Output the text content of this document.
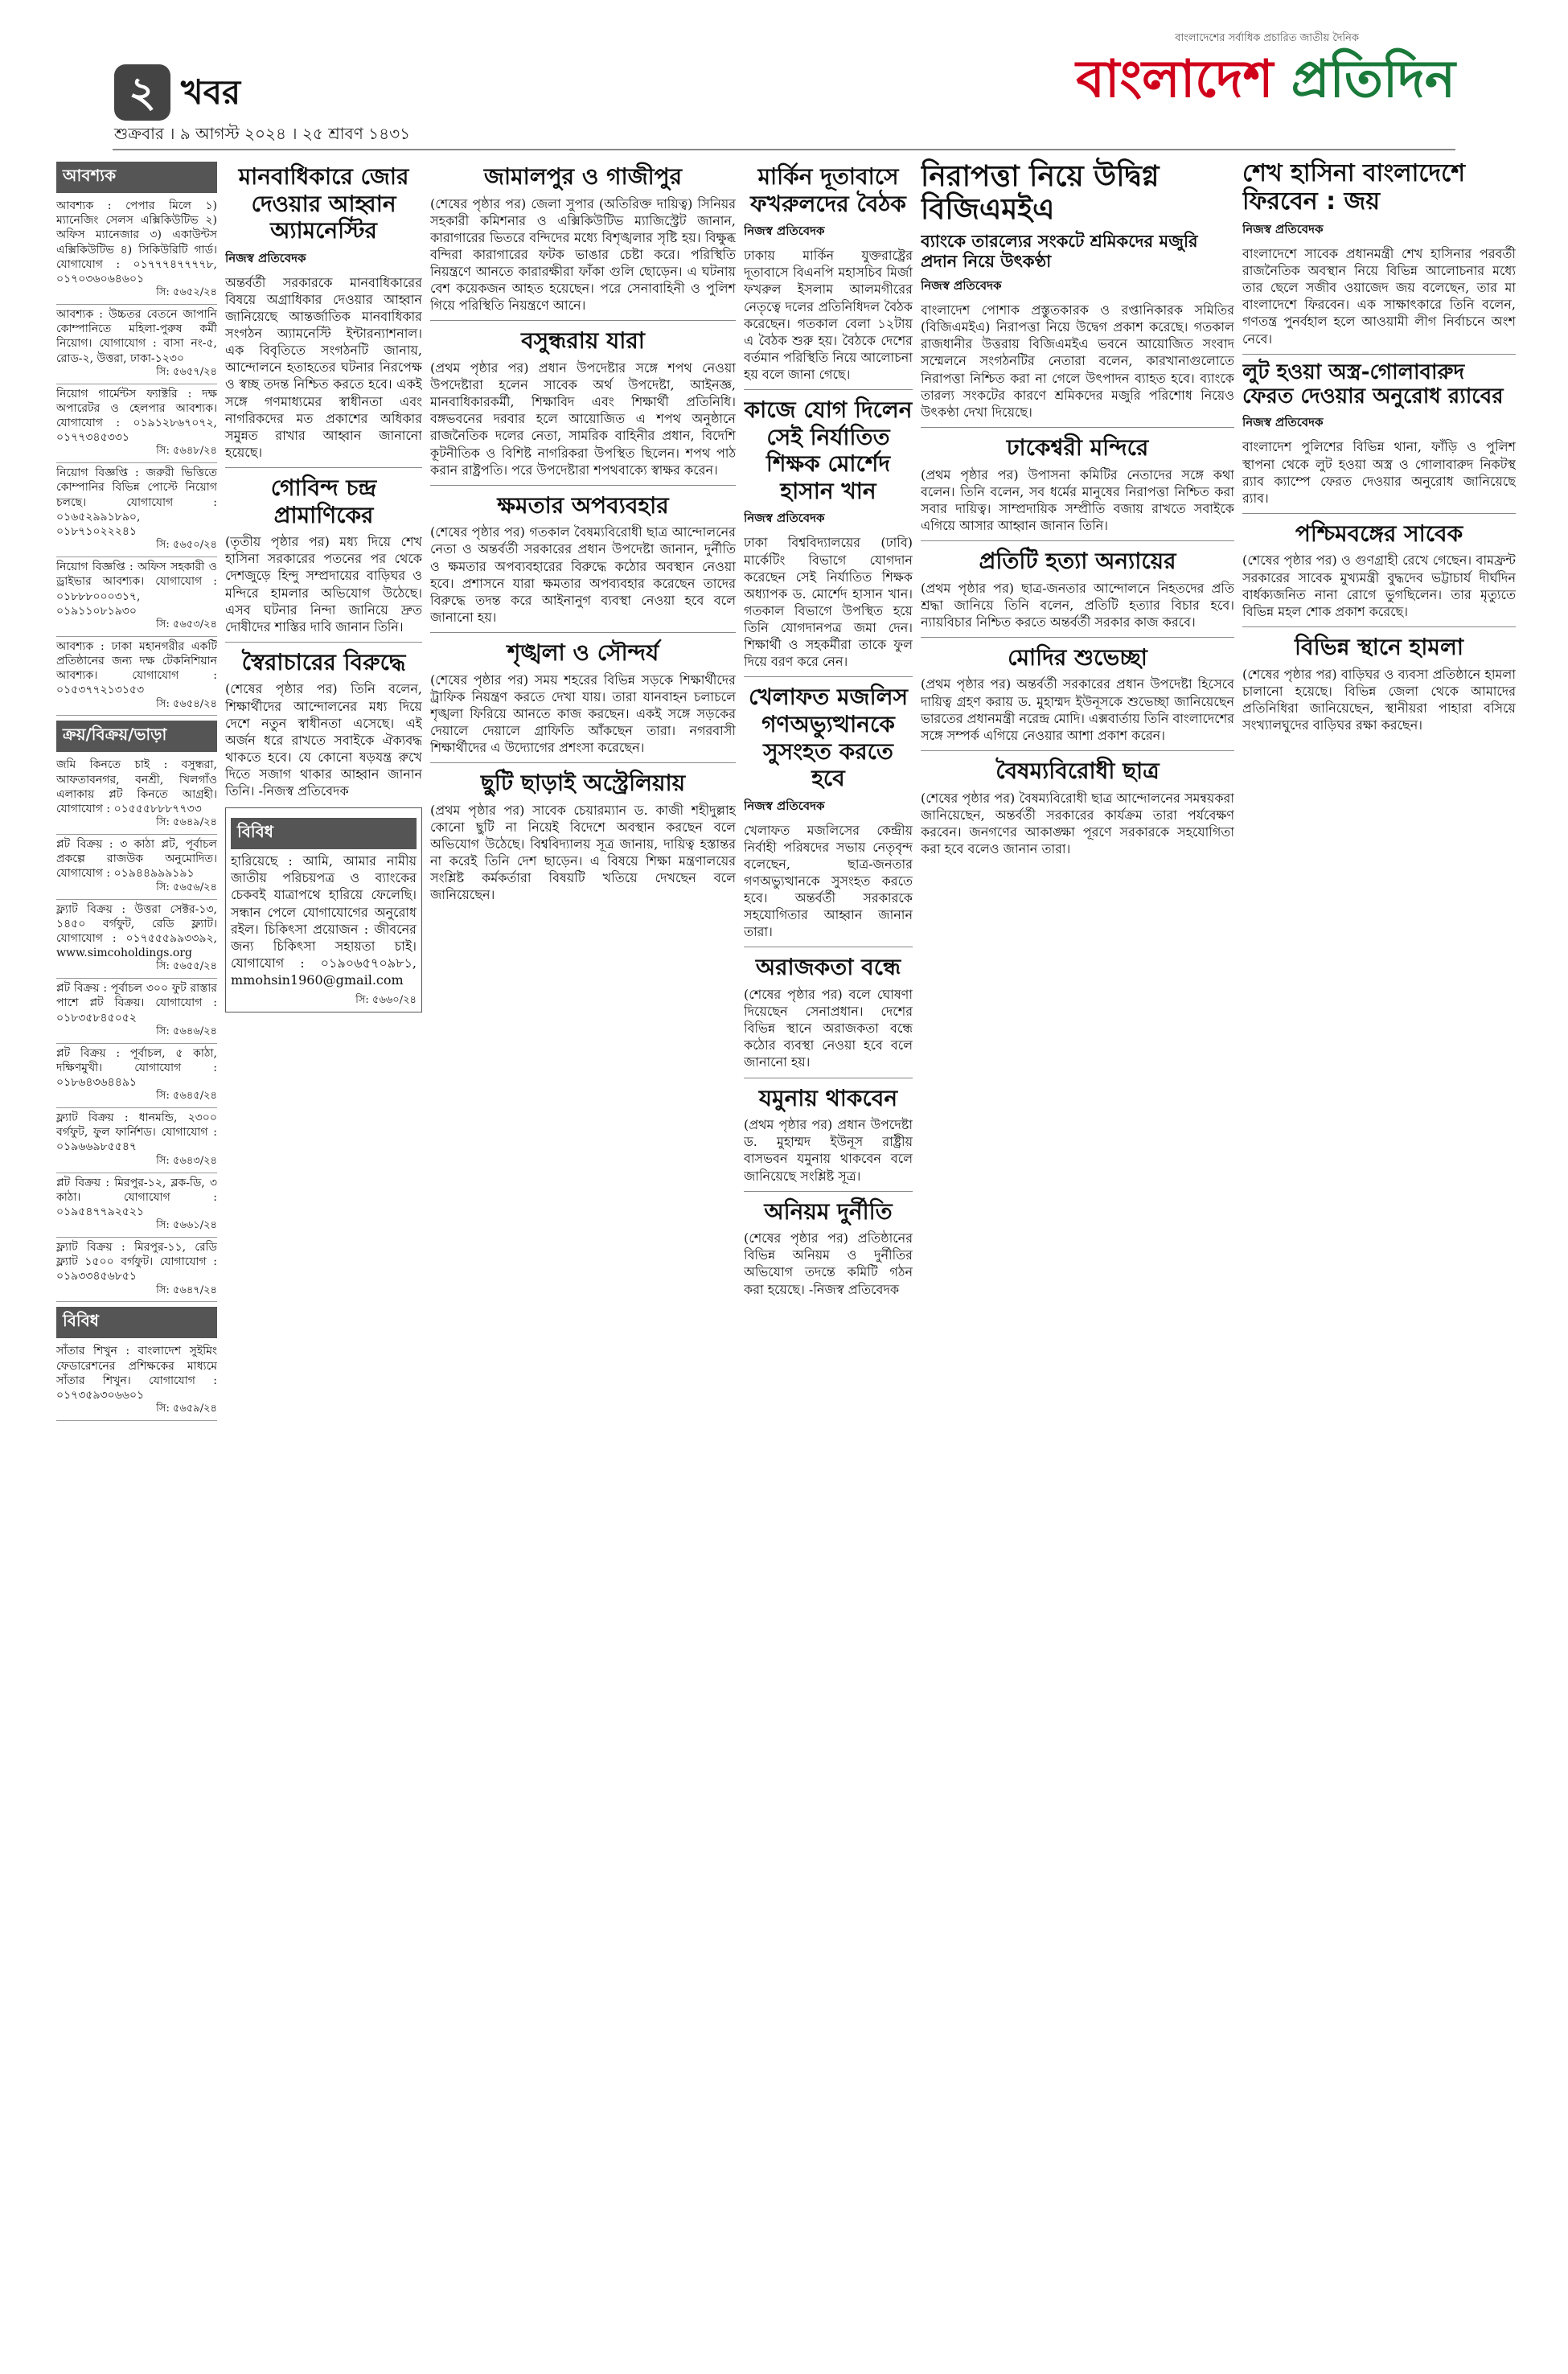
২ খবর
শুক্রবার । ৯ আগস্ট ২০২৪ । ২৫ শ্রাবণ ১৪৩১
বাংলাদেশের সর্বাধিক প্রচারিত জাতীয় দৈনিক
বাংলাদেশ প্রতিদিন
আবশ্যক
আবশ্যক : পেপার মিলে ১) ম্যানেজিং সেলস এক্সিকিউটিভ ২) অফিস ম্যানেজার ৩) একাউন্টস এক্সিকিউটিভ ৪) সিকিউরিটি গার্ড। যোগাযোগ : ০১৭৭৭৪৭৭৭৭৮, ০১৭০৩৬০৬৪৬০১
সি: ৫৬৫২/২৪
আবশ্যক : উচ্চতর বেতনে জাপানি কোম্পানিতে মহিলা-পুরুষ কর্মী নিয়োগ। যোগাযোগ : বাসা নং-৫, রোড-২, উত্তরা, ঢাকা-১২৩০
সি: ৫৬৫৭/২৪
নিয়োগ গার্মেন্টস ফ্যাক্টরি : দক্ষ অপারেটর ও হেলপার আবশ্যক। যোগাযোগ : ০১৯১২৮৬৭০৭২, ০১৭৭৩৪৫৩৩১
সি: ৫৬৪৮/২৪
নিয়োগ বিজ্ঞপ্তি : জরুরী ভিত্তিতে কোম্পানির বিভিন্ন পোস্টে নিয়োগ চলছে। যোগাযোগ : ০১৬৫২৯৯১৮৯০, ০১৮৭১০২২২৪১
সি: ৫৬৫০/২৪
নিয়োগ বিজ্ঞপ্তি : অফিস সহকারী ও ড্রাইভার আবশ্যক। যোগাযোগ : ০১৮৮৮০০০৩১৭, ০১৯১১০৮১৯৩০
সি: ৫৬৫৩/২৪
আবশ্যক : ঢাকা মহানগরীর একটি প্রতিষ্ঠানের জন্য দক্ষ টেকনিশিয়ান আবশ্যক। যোগাযোগ : ০১৫৩৭৭২১৩১৫৩
সি: ৫৬৫৪/২৪
ক্রয়/বিক্রয়/ভাড়া
জমি কিনতে চাই : বসুন্ধরা, আফতাবনগর, বনশ্রী, খিলগাঁও এলাকায় প্লট কিনতে আগ্রহী। যোগাযোগ : ০১৫৫৫৮৮৮৭৭৩৩
সি: ৫৬৪৯/২৪
প্লট বিক্রয় : ৩ কাঠা প্লট, পূর্বাচল প্রকল্পে রাজউক অনুমোদিত। যোগাযোগ : ০১৯৪৪৯৯৯১৯১
সি: ৫৬৫৬/২৪
ফ্ল্যাট বিক্রয় : উত্তরা সেক্টর-১৩, ১৪৫০ বর্গফুট, রেডি ফ্ল্যাট। যোগাযোগ : ০১৭৫৫৫৯৯৩৩৯২, www.simcoholdings.org
সি: ৫৬৫৫/২৪
প্লট বিক্রয় : পূর্বাচল ৩০০ ফুট রাস্তার পাশে প্লট বিক্রয়। যোগাযোগ : ০১৮৩৫৮৪৫০৫২
সি: ৫৬৪৬/২৪
প্লট বিক্রয় : পূর্বাচল, ৫ কাঠা, দক্ষিণমুখী। যোগাযোগ : ০১৮৬৪৩৬৪৪৯১
সি: ৫৬৪৫/২৪
ফ্ল্যাট বিক্রয় : ধানমন্ডি, ২৩০০ বর্গফুট, ফুল ফার্নিশড। যোগাযোগ : ০১৯৬৬৯৮৫৫৪৭
সি: ৫৬৪৩/২৪
প্লট বিক্রয় : মিরপুর-১২, ব্লক-ডি, ৩ কাঠা। যোগাযোগ : ০১৯৫৪৭৭৯২৫২১
সি: ৫৬৬১/২৪
ফ্ল্যাট বিক্রয় : মিরপুর-১১, রেডি ফ্ল্যাট ১৫০০ বর্গফুট। যোগাযোগ : ০১৯৩৩৪৫৬৮৫১
সি: ৫৬৪৭/২৪
বিবিধ
সাঁতার শিখুন : বাংলাদেশ সুইমিং ফেডারেশনের প্রশিক্ষকের মাধ্যমে সাঁতার শিখুন। যোগাযোগ : ০১৭৩৫৯৩০৬৬০১
সি: ৫৬৫৯/২৪
মানবাধিকারে জোর দেওয়ার আহ্বান অ্যামনেস্টির
নিজস্ব প্রতিবেদক

অন্তর্বর্তী সরকারকে মানবাধিকারের বিষয়ে অগ্রাধিকার দেওয়ার আহ্বান জানিয়েছে আন্তর্জাতিক মানবাধিকার সংগঠন অ্যামনেস্টি ইন্টারন্যাশনাল। এক বিবৃতিতে সংগঠনটি জানায়, আন্দোলনে হতাহতের ঘটনার নিরপেক্ষ ও স্বচ্ছ তদন্ত নিশ্চিত করতে হবে। একই সঙ্গে গণমাধ্যমের স্বাধীনতা এবং নাগরিকদের মত প্রকাশের অধিকার সমুন্নত রাখার আহ্বান জানানো হয়েছে।

গোবিন্দ চন্দ্র প্রামাণিকের

(তৃতীয় পৃষ্ঠার পর) মধ্য দিয়ে শেখ হাসিনা সরকারের পতনের পর থেকে দেশজুড়ে হিন্দু সম্প্রদায়ের বাড়িঘর ও মন্দিরে হামলার অভিযোগ উঠেছে। এসব ঘটনার নিন্দা জানিয়ে দ্রুত দোষীদের শাস্তির দাবি জানান তিনি।

স্বৈরাচারের বিরুদ্ধে

(শেষের পৃষ্ঠার পর) তিনি বলেন, শিক্ষার্থীদের আন্দোলনের মধ্য দিয়ে দেশে নতুন স্বাধীনতা এসেছে। এই অর্জন ধরে রাখতে সবাইকে ঐক্যবদ্ধ থাকতে হবে। যে কোনো ষড়যন্ত্র রুখে দিতে সজাগ থাকার আহ্বান জানান তিনি। -নিজস্ব প্রতিবেদক

বিবিধ

হারিয়েছে : আমি, আমার নামীয় জাতীয় পরিচয়পত্র ও ব্যাংকের চেকবই যাত্রাপথে হারিয়ে ফেলেছি। সন্ধান পেলে যোগাযোগের অনুরোধ রইল। চিকিৎসা প্রয়োজন : জীবনের জন্য চিকিৎসা সহায়তা চাই। যোগাযোগ : ০১৯০৬৫৭০৯৮১, mmohsin1960@gmail.com

সি: ৫৬৬০/২৪
জামালপুর ও গাজীপুর

(শেষের পৃষ্ঠার পর) জেলা সুপার (অতিরিক্ত দায়িত্ব) সিনিয়র সহকারী কমিশনার ও এক্সিকিউটিভ ম্যাজিস্ট্রেট জানান, কারাগারের ভিতরে বন্দিদের মধ্যে বিশৃঙ্খলার সৃষ্টি হয়। বিক্ষুব্ধ বন্দিরা কারাগারের ফটক ভাঙার চেষ্টা করে। পরিস্থিতি নিয়ন্ত্রণে আনতে কারারক্ষীরা ফাঁকা গুলি ছোড়েন। এ ঘটনায় বেশ কয়েকজন আহত হয়েছেন। পরে সেনাবাহিনী ও পুলিশ গিয়ে পরিস্থিতি নিয়ন্ত্রণে আনে।

বসুন্ধরায় যারা

(প্রথম পৃষ্ঠার পর) প্রধান উপদেষ্টার সঙ্গে শপথ নেওয়া উপদেষ্টারা হলেন সাবেক অর্থ উপদেষ্টা, আইনজ্ঞ, মানবাধিকারকর্মী, শিক্ষাবিদ এবং শিক্ষার্থী প্রতিনিধি। বঙ্গভবনের দরবার হলে আয়োজিত এ শপথ অনুষ্ঠানে রাজনৈতিক দলের নেতা, সামরিক বাহিনীর প্রধান, বিদেশি কূটনীতিক ও বিশিষ্ট নাগরিকরা উপস্থিত ছিলেন। শপথ পাঠ করান রাষ্ট্রপতি। পরে উপদেষ্টারা শপথবাক্যে স্বাক্ষর করেন।

ক্ষমতার অপব্যবহার

(শেষের পৃষ্ঠার পর) গতকাল বৈষম্যবিরোধী ছাত্র আন্দোলনের নেতা ও অন্তর্বর্তী সরকারের প্রধান উপদেষ্টা জানান, দুর্নীতি ও ক্ষমতার অপব্যবহারের বিরুদ্ধে কঠোর অবস্থান নেওয়া হবে। প্রশাসনে যারা ক্ষমতার অপব্যবহার করেছেন তাদের বিরুদ্ধে তদন্ত করে আইনানুগ ব্যবস্থা নেওয়া হবে বলে জানানো হয়।

শৃঙ্খলা ও সৌন্দর্য

(শেষের পৃষ্ঠার পর) সময় শহরের বিভিন্ন সড়কে শিক্ষার্থীদের ট্রাফিক নিয়ন্ত্রণ করতে দেখা যায়। তারা যানবাহন চলাচলে শৃঙ্খলা ফিরিয়ে আনতে কাজ করছেন। একই সঙ্গে সড়কের দেয়ালে দেয়ালে গ্রাফিতি আঁকছেন তারা। নগরবাসী শিক্ষার্থীদের এ উদ্যোগের প্রশংসা করেছেন।

ছুটি ছাড়াই অস্ট্রেলিয়ায়

(প্রথম পৃষ্ঠার পর) সাবেক চেয়ারম্যান ড. কাজী শহীদুল্লাহ কোনো ছুটি না নিয়েই বিদেশে অবস্থান করছেন বলে অভিযোগ উঠেছে। বিশ্ববিদ্যালয় সূত্র জানায়, দায়িত্ব হস্তান্তর না করেই তিনি দেশ ছাড়েন। এ বিষয়ে শিক্ষা মন্ত্রণালয়ের সংশ্লিষ্ট কর্মকর্তারা বিষয়টি খতিয়ে দেখছেন বলে জানিয়েছেন।

মার্কিন দূতাবাসে ফখরুলদের বৈঠক
নিজস্ব প্রতিবেদক

ঢাকায় মার্কিন যুক্তরাষ্ট্রের দূতাবাসে বিএনপি মহাসচিব মির্জা ফখরুল ইসলাম আলমগীরের নেতৃত্বে দলের প্রতিনিধিদল বৈঠক করেছেন। গতকাল বেলা ১২টায় এ বৈঠক শুরু হয়। বৈঠকে দেশের বর্তমান পরিস্থিতি নিয়ে আলোচনা হয় বলে জানা গেছে।

কাজে যোগ দিলেন সেই নির্যাতিত শিক্ষক মোর্শেদ হাসান খান
নিজস্ব প্রতিবেদক

ঢাকা বিশ্ববিদ্যালয়ের (ঢাবি) মার্কেটিং বিভাগে যোগদান করেছেন সেই নির্যাতিত শিক্ষক অধ্যাপক ড. মোর্শেদ হাসান খান। গতকাল বিভাগে উপস্থিত হয়ে তিনি যোগদানপত্র জমা দেন। শিক্ষার্থী ও সহকর্মীরা তাকে ফুল দিয়ে বরণ করে নেন।

খেলাফত মজলিস গণঅভ্যুত্থানকে সুসংহত করতে হবে
নিজস্ব প্রতিবেদক

খেলাফত মজলিসের কেন্দ্রীয় নির্বাহী পরিষদের সভায় নেতৃবৃন্দ বলেছেন, ছাত্র-জনতার গণঅভ্যুত্থানকে সুসংহত করতে হবে। অন্তর্বর্তী সরকারকে সহযোগিতার আহ্বান জানান তারা।

অরাজকতা বন্ধে

(শেষের পৃষ্ঠার পর) বলে ঘোষণা দিয়েছেন সেনাপ্রধান। দেশের বিভিন্ন স্থানে অরাজকতা বন্ধে কঠোর ব্যবস্থা নেওয়া হবে বলে জানানো হয়।

যমুনায় থাকবেন

(প্রথম পৃষ্ঠার পর) প্রধান উপদেষ্টা ড. মুহাম্মদ ইউনূস রাষ্ট্রীয় বাসভবন যমুনায় থাকবেন বলে জানিয়েছে সংশ্লিষ্ট সূত্র।

অনিয়ম দুর্নীতি

(শেষের পৃষ্ঠার পর) প্রতিষ্ঠানের বিভিন্ন অনিয়ম ও দুর্নীতির অভিযোগ তদন্তে কমিটি গঠন করা হয়েছে। -নিজস্ব প্রতিবেদক

নিরাপত্তা নিয়ে উদ্বিগ্ন বিজিএমইএ
ব্যাংকে তারল্যের সংকটে শ্রমিকদের মজুরি প্রদান নিয়ে উৎকণ্ঠা
নিজস্ব প্রতিবেদক

বাংলাদেশ পোশাক প্রস্তুতকারক ও রপ্তানিকারক সমিতির (বিজিএমইএ) নিরাপত্তা নিয়ে উদ্বেগ প্রকাশ করেছে। গতকাল রাজধানীর উত্তরায় বিজিএমইএ ভবনে আয়োজিত সংবাদ সম্মেলনে সংগঠনটির নেতারা বলেন, কারখানাগুলোতে নিরাপত্তা নিশ্চিত করা না গেলে উৎপাদন ব্যাহত হবে। ব্যাংকে তারল্য সংকটের কারণে শ্রমিকদের মজুরি পরিশোধ নিয়েও উৎকণ্ঠা দেখা দিয়েছে।

ঢাকেশ্বরী মন্দিরে

(প্রথম পৃষ্ঠার পর) উপাসনা কমিটির নেতাদের সঙ্গে কথা বলেন। তিনি বলেন, সব ধর্মের মানুষের নিরাপত্তা নিশ্চিত করা সবার দায়িত্ব। সাম্প্রদায়িক সম্প্রীতি বজায় রাখতে সবাইকে এগিয়ে আসার আহ্বান জানান তিনি।

প্রতিটি হত্যা অন্যায়ের

(প্রথম পৃষ্ঠার পর) ছাত্র-জনতার আন্দোলনে নিহতদের প্রতি শ্রদ্ধা জানিয়ে তিনি বলেন, প্রতিটি হত্যার বিচার হবে। ন্যায়বিচার নিশ্চিত করতে অন্তর্বর্তী সরকার কাজ করবে।

মোদির শুভেচ্ছা

(প্রথম পৃষ্ঠার পর) অন্তর্বর্তী সরকারের প্রধান উপদেষ্টা হিসেবে দায়িত্ব গ্রহণ করায় ড. মুহাম্মদ ইউনূসকে শুভেচ্ছা জানিয়েছেন ভারতের প্রধানমন্ত্রী নরেন্দ্র মোদি। এক্সবার্তায় তিনি বাংলাদেশের সঙ্গে সম্পর্ক এগিয়ে নেওয়ার আশা প্রকাশ করেন।

বৈষম্যবিরোধী ছাত্র

(শেষের পৃষ্ঠার পর) বৈষম্যবিরোধী ছাত্র আন্দোলনের সমন্বয়করা জানিয়েছেন, অন্তর্বর্তী সরকারের কার্যক্রম তারা পর্যবেক্ষণ করবেন। জনগণের আকাঙ্ক্ষা পূরণে সরকারকে সহযোগিতা করা হবে বলেও জানান তারা।

শেখ হাসিনা বাংলাদেশে ফিরবেন : জয়
নিজস্ব প্রতিবেদক

বাংলাদেশে সাবেক প্রধানমন্ত্রী শেখ হাসিনার পরবর্তী রাজনৈতিক অবস্থান নিয়ে বিভিন্ন আলোচনার মধ্যে তার ছেলে সজীব ওয়াজেদ জয় বলেছেন, তার মা বাংলাদেশে ফিরবেন। এক সাক্ষাৎকারে তিনি বলেন, গণতন্ত্র পুনর্বহাল হলে আওয়ামী লীগ নির্বাচনে অংশ নেবে।

লুট হওয়া অস্ত্র-গোলাবারুদ ফেরত দেওয়ার অনুরোধ র‌্যাবের
নিজস্ব প্রতিবেদক

বাংলাদেশ পুলিশের বিভিন্ন থানা, ফাঁড়ি ও পুলিশ স্থাপনা থেকে লুট হওয়া অস্ত্র ও গোলাবারুদ নিকটস্থ র‌্যাব ক্যাম্পে ফেরত দেওয়ার অনুরোধ জানিয়েছে র‌্যাব।

পশ্চিমবঙ্গের সাবেক

(শেষের পৃষ্ঠার পর) ও গুণগ্রাহী রেখে গেছেন। বামফ্রন্ট সরকারের সাবেক মুখ্যমন্ত্রী বুদ্ধদেব ভট্টাচার্য দীর্ঘদিন বার্ধক্যজনিত নানা রোগে ভুগছিলেন। তার মৃত্যুতে বিভিন্ন মহল শোক প্রকাশ করেছে।

বিভিন্ন স্থানে হামলা

(শেষের পৃষ্ঠার পর) বাড়িঘর ও ব্যবসা প্রতিষ্ঠানে হামলা চালানো হয়েছে। বিভিন্ন জেলা থেকে আমাদের প্রতিনিধিরা জানিয়েছেন, স্থানীয়রা পাহারা বসিয়ে সংখ্যালঘুদের বাড়িঘর রক্ষা করছেন।
